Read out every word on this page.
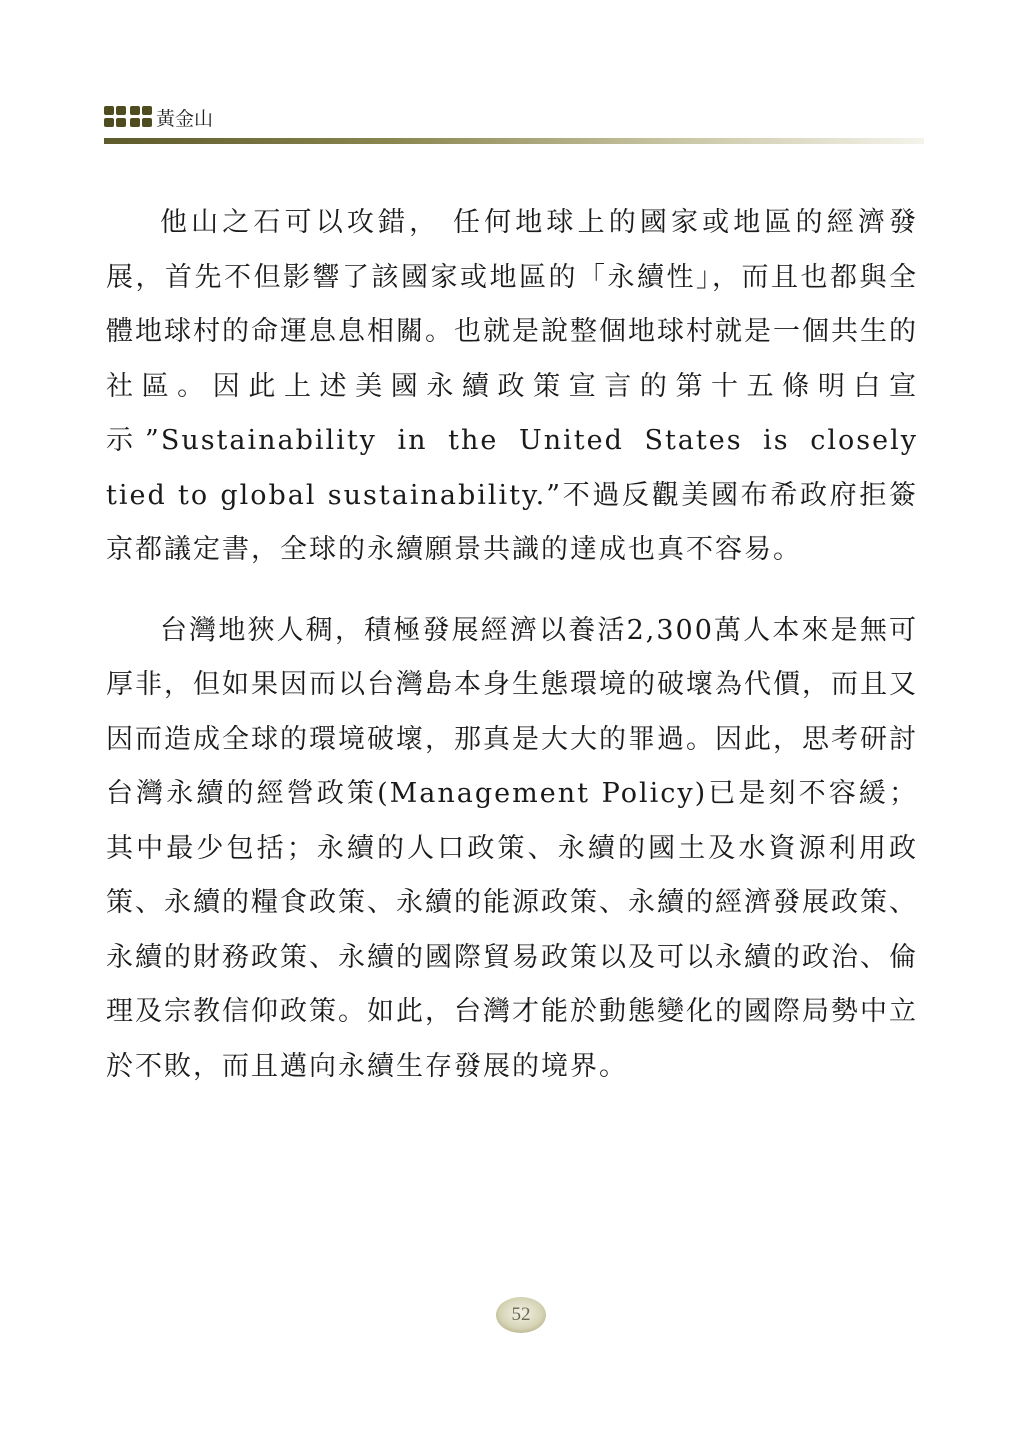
黃金山

他山之石可以攻錯， 任何地球上的國家或地區的經濟發展，首先不但影響了該國家或地區的「永續性」，而且也都與全體地球村的命運息息相關。也就是說整個地球村就是一個共生的社區。因此上述美國永續政策宣言的第十五條明白宣示”Sustainability in the United States is closely tied to global sustainability.”不過反觀美國布希政府拒簽京都議定書，全球的永續願景共識的達成也真不容易。

台灣地狹人稠，積極發展經濟以養活2,300萬人本來是無可厚非，但如果因而以台灣島本身生態環境的破壞為代價，而且又因而造成全球的環境破壞，那真是大大的罪過。因此，思考研討台灣永續的經營政策(Management Policy)已是刻不容緩；其中最少包括；永續的人口政策、永續的國土及水資源利用政策、永續的糧食政策、永續的能源政策、永續的經濟發展政策、永續的財務政策、永續的國際貿易政策以及可以永續的政治、倫理及宗教信仰政策。如此，台灣才能於動態變化的國際局勢中立於不敗，而且邁向永續生存發展的境界。

52
